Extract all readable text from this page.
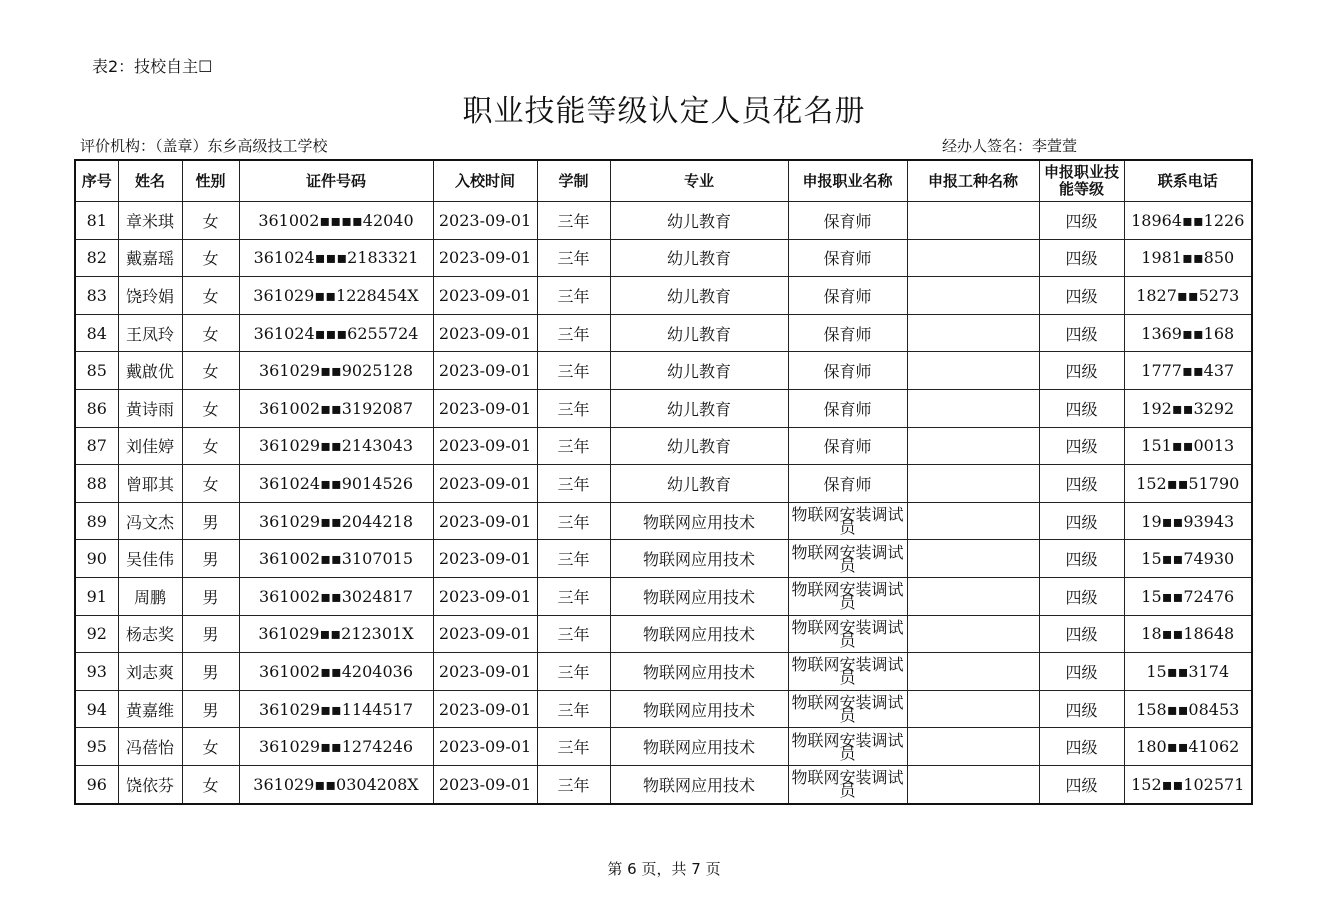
表2：技校自主☐
职业技能等级认定人员花名册
评价机构：（盖章）东乡高级技工学校	经办人签名：李萱萱
序号	姓名	性别	证件号码	入校时间	学制	专业	申报职业名称	申报工种名称	申报职业技能等级	联系电话
81	章米琪	女	361002▪▪▪▪42040	2023-09-01	三年	幼儿教育	保育师		四级	18964▪▪1226
82	戴嘉瑶	女	361024▪▪▪2183321	2023-09-01	三年	幼儿教育	保育师		四级	1981▪▪850
83	饶玲娟	女	361029▪▪1228454X	2023-09-01	三年	幼儿教育	保育师		四级	1827▪▪5273
84	王凤玲	女	361024▪▪▪6255724	2023-09-01	三年	幼儿教育	保育师		四级	1369▪▪168
85	戴啟优	女	361029▪▪9025128	2023-09-01	三年	幼儿教育	保育师		四级	1777▪▪437
86	黄诗雨	女	361002▪▪3192087	2023-09-01	三年	幼儿教育	保育师		四级	192▪▪3292
87	刘佳婷	女	361029▪▪2143043	2023-09-01	三年	幼儿教育	保育师		四级	151▪▪0013
88	曾耶其	女	361024▪▪9014526	2023-09-01	三年	幼儿教育	保育师		四级	152▪▪51790
89	冯文杰	男	361029▪▪2044218	2023-09-01	三年	物联网应用技术	物联网安装调试员		四级	19▪▪93943
90	吴佳伟	男	361002▪▪3107015	2023-09-01	三年	物联网应用技术	物联网安装调试员		四级	15▪▪74930
91	周鹏	男	361002▪▪3024817	2023-09-01	三年	物联网应用技术	物联网安装调试员		四级	15▪▪72476
92	杨志奖	男	361029▪▪212301X	2023-09-01	三年	物联网应用技术	物联网安装调试员		四级	18▪▪18648
93	刘志爽	男	361002▪▪4204036	2023-09-01	三年	物联网应用技术	物联网安装调试员		四级	15▪▪3174
94	黄嘉维	男	361029▪▪1144517	2023-09-01	三年	物联网应用技术	物联网安装调试员		四级	158▪▪08453
95	冯蓓怡	女	361029▪▪1274246	2023-09-01	三年	物联网应用技术	物联网安装调试员		四级	180▪▪41062
96	饶依芬	女	361029▪▪0304208X	2023-09-01	三年	物联网应用技术	物联网安装调试员		四级	152▪▪102571
第 6 页，共 7 页
